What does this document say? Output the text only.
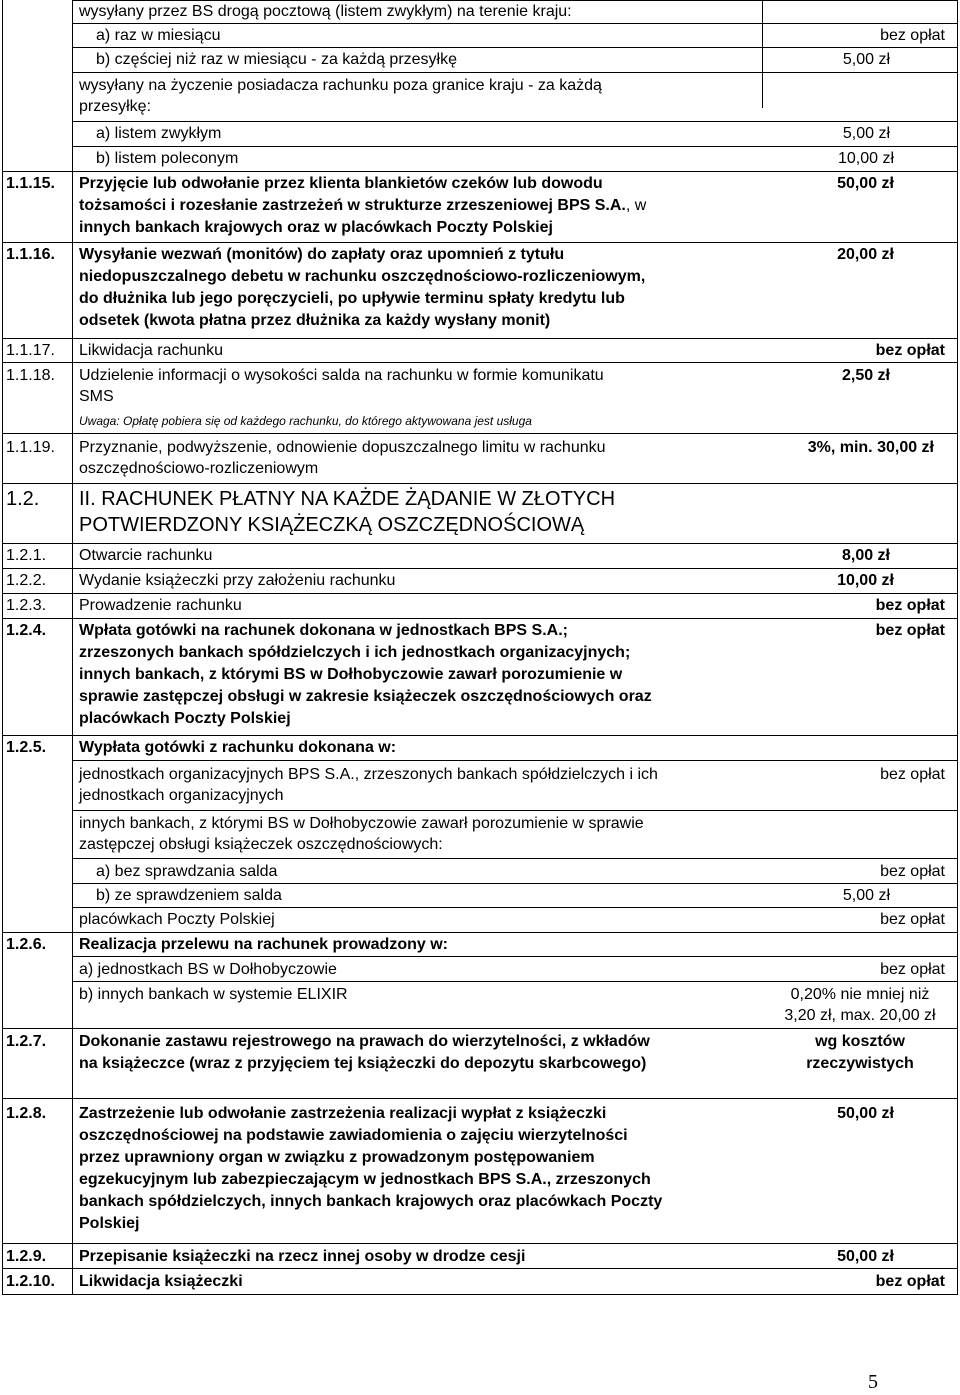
wysyłany przez BS drogą pocztową (listem zwykłym) na terenie kraju:
a) raz w miesiącu	bez opłat
b) częściej niż raz w miesiącu - za każdą przesyłkę	5,00 zł
wysyłany na życzenie posiadacza rachunku poza granice kraju - za każdą
przesyłkę:
a) listem zwykłym	5,00 zł
b) listem poleconym	10,00 zł
1.1.15. Przyjęcie lub odwołanie przez klienta blankietów czeków lub dowodu
tożsamości i rozesłanie zastrzeżeń w strukturze zrzeszeniowej BPS S.A., w
innych bankach krajowych oraz w placówkach Poczty Polskiej
50,00 zł
1.1.16. Wysyłanie wezwań (monitów) do zapłaty oraz upomnień z tytułu
niedopuszczalnego debetu w rachunku oszczędnościowo-rozliczeniowym,
do dłużnika lub jego poręczycieli, po upływie terminu spłaty kredytu lub
odsetek (kwota płatna przez dłużnika za każdy wysłany monit)
20,00 zł
1.1.17. Likwidacja rachunku	bez opłat
1.1.18. Udzielenie informacji o wysokości salda na rachunku w formie komunikatu
SMS
Uwaga: Opłatę pobiera się od każdego rachunku, do którego aktywowana jest usługa
2,50 zł
1.1.19. Przyznanie, podwyższenie, odnowienie dopuszczalnego limitu w rachunku
oszczędnościowo-rozliczeniowym
3%, min. 30,00 zł
1.2. II. RACHUNEK PŁATNY NA KAŻDE ŻĄDANIE W ZŁOTYCH
POTWIERDZONY KSIĄŻECZKĄ OSZCZĘDNOŚCIOWĄ
1.2.1. Otwarcie rachunku	8,00 zł
1.2.2. Wydanie książeczki przy założeniu rachunku	10,00 zł
1.2.3. Prowadzenie rachunku	bez opłat
1.2.4. Wpłata gotówki na rachunek dokonana w jednostkach BPS S.A.;
zrzeszonych bankach spółdzielczych i ich jednostkach organizacyjnych;
innych bankach, z którymi BS w Dołhobyczowie zawarł porozumienie w
sprawie zastępczej obsługi w zakresie książeczek oszczędnościowych oraz
placówkach Poczty Polskiej
bez opłat
1.2.5. Wypłata gotówki z rachunku dokonana w:
jednostkach organizacyjnych BPS S.A., zrzeszonych bankach spółdzielczych i ich
jednostkach organizacyjnych
bez opłat
innych bankach, z którymi BS w Dołhobyczowie zawarł porozumienie w sprawie
zastępczej obsługi książeczek oszczędnościowych:
a) bez sprawdzania salda	bez opłat
b) ze sprawdzeniem salda	5,00 zł
placówkach Poczty Polskiej	bez opłat
1.2.6. Realizacja przelewu na rachunek prowadzony w:
a) jednostkach BS w Dołhobyczowie	bez opłat
b) innych bankach w systemie ELIXIR	0,20% nie mniej niż
3,20 zł, max. 20,00 zł
1.2.7. Dokonanie zastawu rejestrowego na prawach do wierzytelności, z wkładów
na książeczce (wraz z przyjęciem tej książeczki do depozytu skarbcowego)
wg kosztów
rzeczywistych
1.2.8. Zastrzeżenie lub odwołanie zastrzeżenia realizacji wypłat z książeczki
oszczędnościowej na podstawie zawiadomienia o zajęciu wierzytelności
przez uprawniony organ w związku z prowadzonym postępowaniem
egzekucyjnym lub zabezpieczającym w jednostkach BPS S.A., zrzeszonych
bankach spółdzielczych, innych bankach krajowych oraz placówkach Poczty
Polskiej
50,00 zł
1.2.9. Przepisanie książeczki na rzecz innej osoby w drodze cesji	50,00 zł
1.2.10. Likwidacja książeczki	bez opłat
5
